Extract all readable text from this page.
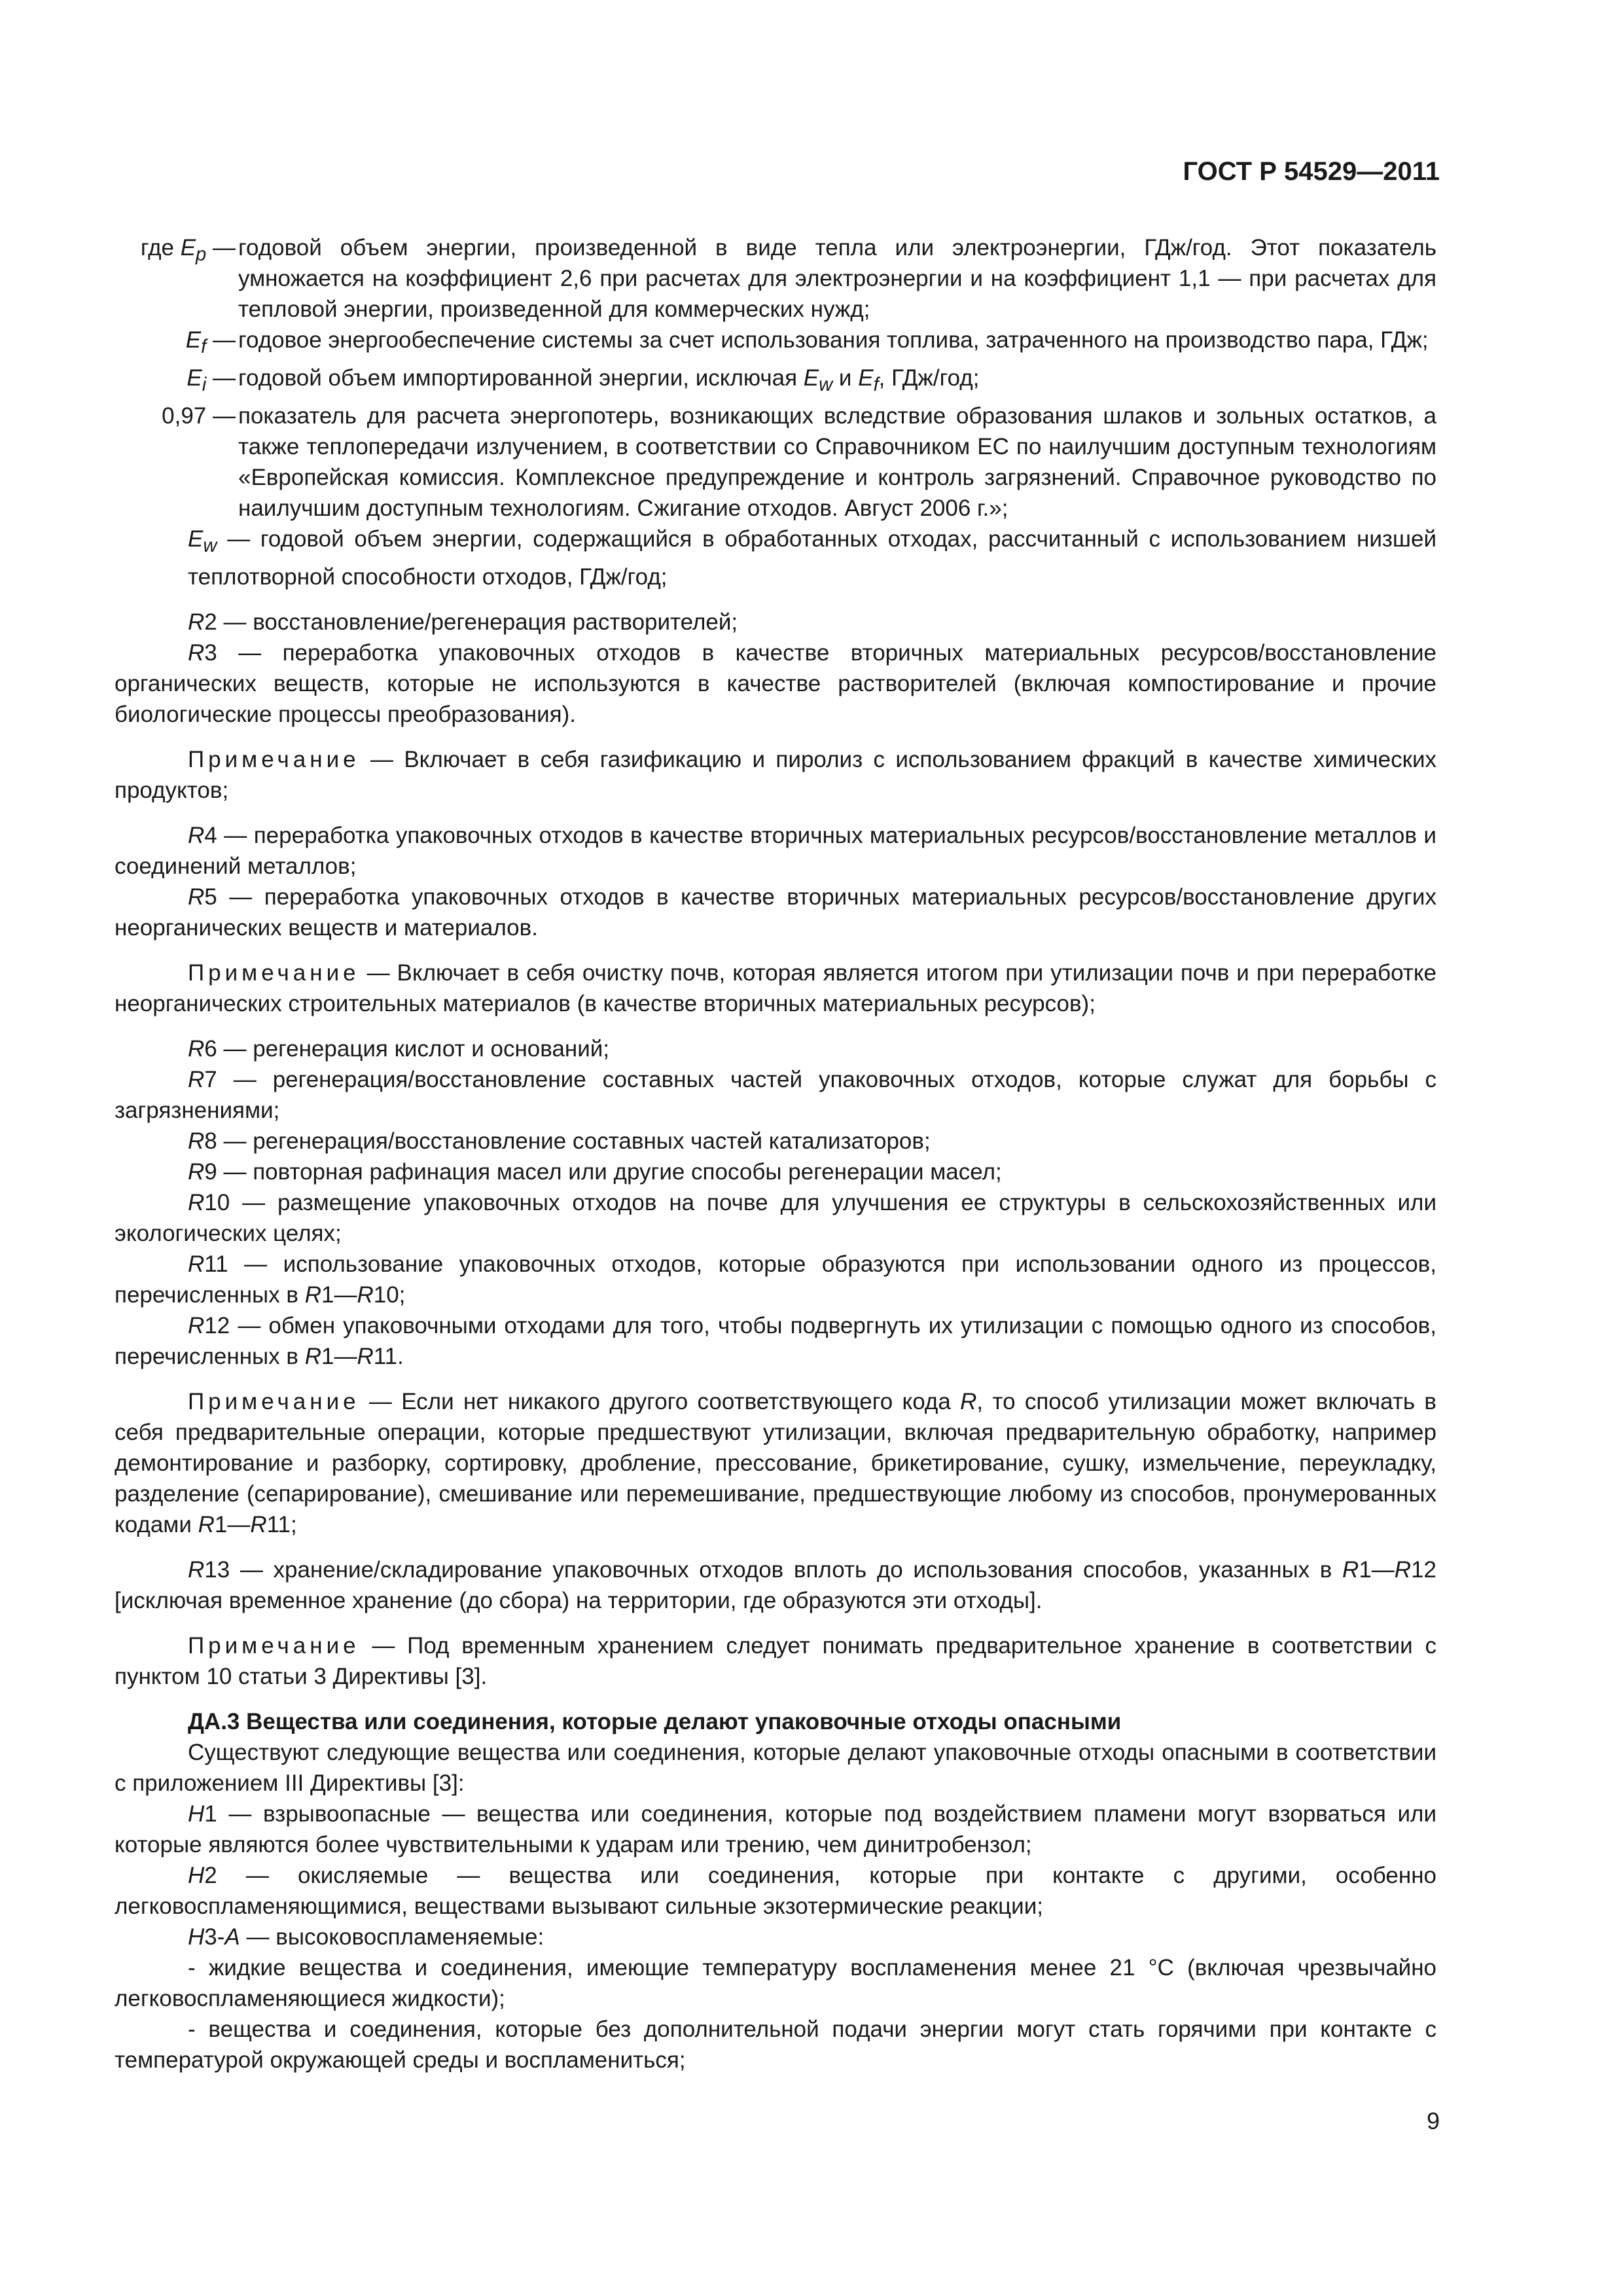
ГОСТ Р 54529—2011

где $E_p$ — годовой объем энергии, произведенной в виде тепла или электроэнергии, ГДж/год. Этот показатель умножается на коэффициент 2,6 при расчетах для электроэнергии и на коэффициент 1,1 — при расчетах для тепловой энергии, произведенной для коммерческих нужд;
$E_f$ — годовое энергообеспечение системы за счет использования топлива, затраченного на производство пара, ГДж;
$E_i$ — годовой объем импортированной энергии, исключая $E_w$ и $E_f$, ГДж/год;
0,97 — показатель для расчета энергопотерь, возникающих вследствие образования шлаков и зольных остатков, а также теплопередачи излучением, в соответствии со Справочником ЕС по наилучшим доступным технологиям «Европейская комиссия. Комплексное предупреждение и контроль загрязнений. Справочное руководство по наилучшим доступным технологиям. Сжигание отходов. Август 2006 г.»;

$E_w$ — годовой объем энергии, содержащийся в обработанных отходах, рассчитанный с использованием низшей теплотворной способности отходов, ГДж/год;

R2 — восстановление/регенерация растворителей;

R3 — переработка упаковочных отходов в качестве вторичных материальных ресурсов/восстановление органических веществ, которые не используются в качестве растворителей (включая компостирование и прочие биологические процессы преобразования).

Примечание — Включает в себя газификацию и пиролиз с использованием фракций в качестве химических продуктов;

R4 — переработка упаковочных отходов в качестве вторичных материальных ресурсов/восстановление металлов и соединений металлов;

R5 — переработка упаковочных отходов в качестве вторичных материальных ресурсов/восстановление других неорганических веществ и материалов.

Примечание — Включает в себя очистку почв, которая является итогом при утилизации почв и при переработке неорганических строительных материалов (в качестве вторичных материальных ресурсов);

R6 — регенерация кислот и оснований;

R7 — регенерация/восстановление составных частей упаковочных отходов, которые служат для борьбы с загрязнениями;

R8 — регенерация/восстановление составных частей катализаторов;

R9 — повторная рафинация масел или другие способы регенерации масел;

R10 — размещение упаковочных отходов на почве для улучшения ее структуры в сельскохозяйственных или экологических целях;

R11 — использование упаковочных отходов, которые образуются при использовании одного из процессов, перечисленных в R1—R10;

R12 — обмен упаковочными отходами для того, чтобы подвергнуть их утилизации с помощью одного из способов, перечисленных в R1—R11.

Примечание — Если нет никакого другого соответствующего кода R, то способ утилизации может включать в себя предварительные операции, которые предшествуют утилизации, включая предварительную обработку, например демонтирование и разборку, сортировку, дробление, прессование, брикетирование, сушку, измельчение, переукладку, разделение (сепарирование), смешивание или перемешивание, предшествующие любому из способов, пронумерованных кодами R1—R11;

R13 — хранение/складирование упаковочных отходов вплоть до использования способов, указанных в R1—R12 [исключая временное хранение (до сбора) на территории, где образуются эти отходы].

Примечание — Под временным хранением следует понимать предварительное хранение в соответствии с пунктом 10 статьи 3 Директивы [3].

ДА.3 Вещества или соединения, которые делают упаковочные отходы опасными

Существуют следующие вещества или соединения, которые делают упаковочные отходы опасными в соответствии с приложением III Директивы [3]:

H1 — взрывоопасные — вещества или соединения, которые под воздействием пламени могут взорваться или которые являются более чувствительными к ударам или трению, чем динитробензол;

H2 — окисляемые — вещества или соединения, которые при контакте с другими, особенно легковоспламеняющимися, веществами вызывают сильные экзотермические реакции;

H3-A — высоковоспламеняемые:

- жидкие вещества и соединения, имеющие температуру воспламенения менее 21 °С (включая чрезвычайно легковоспламеняющиеся жидкости);

- вещества и соединения, которые без дополнительной подачи энергии могут стать горячими при контакте с температурой окружающей среды и воспламениться;

9
